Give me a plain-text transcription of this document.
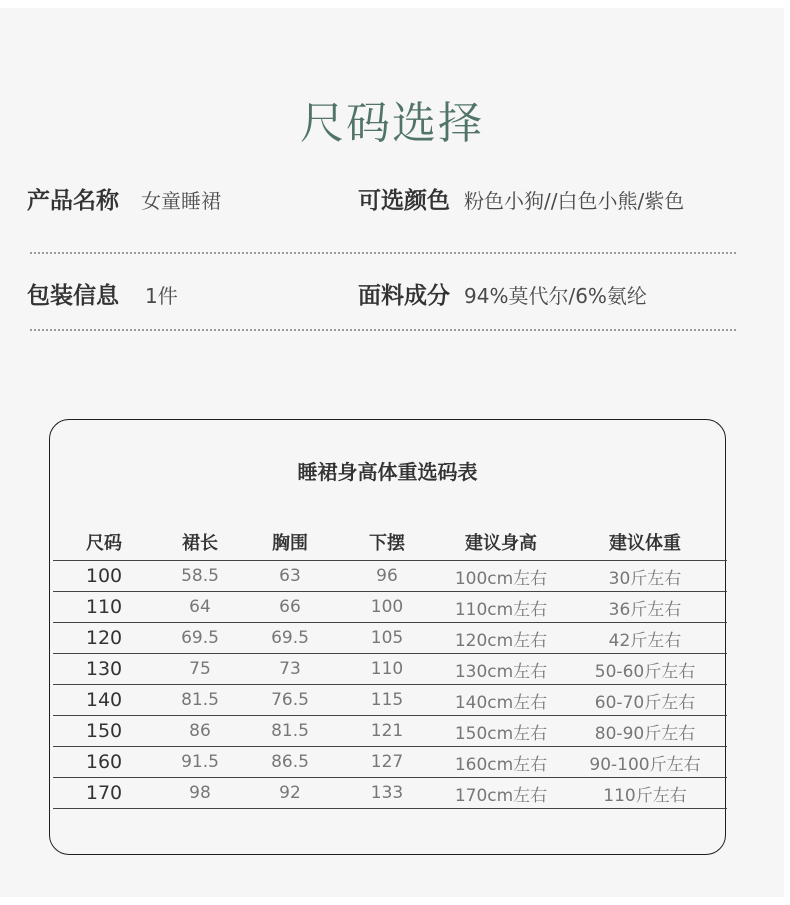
尺码选择
产品名称 女童睡裙	可选颜色 粉色小狗//白色小熊/紫色
包装信息 1件	面料成分 94%莫代尔/6%氨纶
睡裙身高体重选码表
尺码	裙长	胸围	下摆	建议身高	建议体重
100	58.5	63	96	100cm左右	30斤左右
110	64	66	100	110cm左右	36斤左右
120	69.5	69.5	105	120cm左右	42斤左右
130	75	73	110	130cm左右	50-60斤左右
140	81.5	76.5	115	140cm左右	60-70斤左右
150	86	81.5	121	150cm左右	80-90斤左右
160	91.5	86.5	127	160cm左右	90-100斤左右
170	98	92	133	170cm左右	110斤左右
